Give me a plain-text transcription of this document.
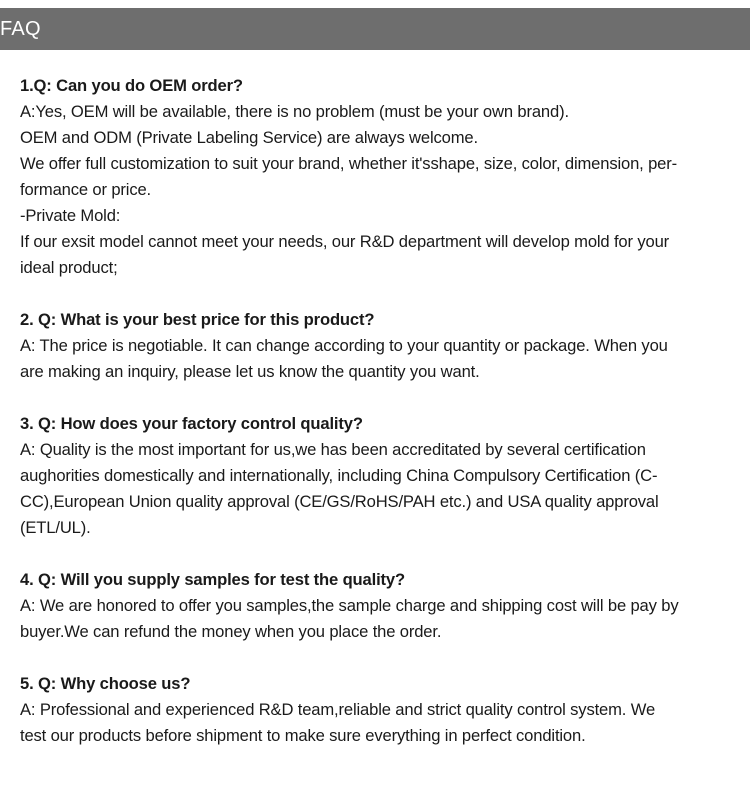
FAQ
1.Q: Can you do OEM order?
A:Yes, OEM will be available, there is no problem (must be your own brand).
OEM and ODM (Private Labeling Service) are always welcome.
We offer full customization to suit your brand, whether it'sshape, size, color, dimension, per-
formance or price.
-Private Mold:
If our exsit model cannot meet your needs, our R&D department will develop mold for your
ideal product;
2. Q: What is your best price for this product?
A: The price is negotiable. It can change according to your quantity or package. When you
are making an inquiry, please let us know the quantity you want.
3. Q: How does your factory control quality?
A: Quality is the most important for us,we has been accreditated by several certification
aughorities domestically and internationally, including China Compulsory Certification (C-
CC),European Union quality approval (CE/GS/RoHS/PAH etc.) and USA quality approval
(ETL/UL).
4. Q: Will you supply samples for test the quality?
A: We are honored to offer you samples,the sample charge and shipping cost will be pay by
buyer.We can refund the money when you place the order.
5. Q: Why choose us?
A: Professional and experienced R&D team,reliable and strict quality control system. We
test our products before shipment to make sure everything in perfect condition.
